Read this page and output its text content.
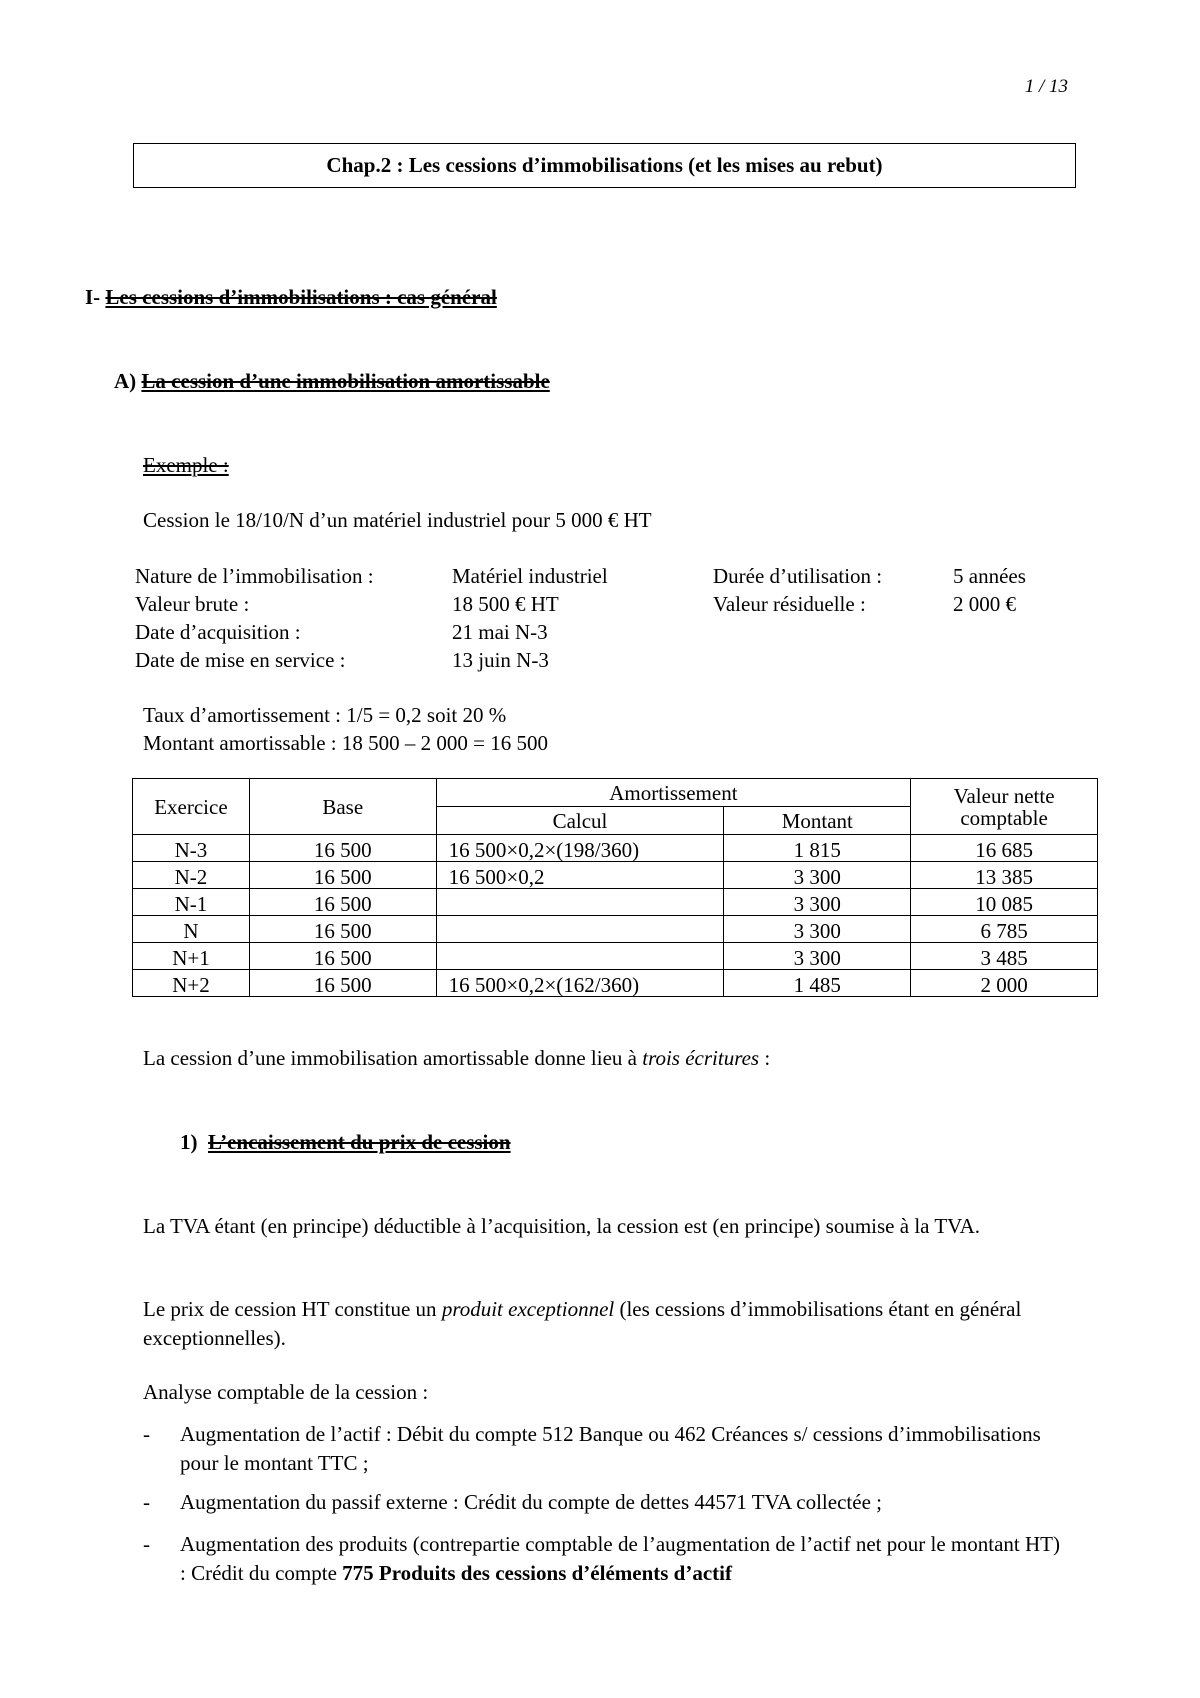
1 / 13
Chap.2 : Les cessions d’immobilisations (et les mises au rebut)
I- Les cessions d’immobilisations : cas général
A) La cession d’une immobilisation amortissable
Exemple :
Cession le 18/10/N d’un matériel industriel pour 5 000 € HT
Nature de l’immobilisation :	Matériel industriel	Durée d’utilisation :	5 années
Valeur brute :	18 500 € HT	Valeur résiduelle :	2 000 €
Date d’acquisition :	21 mai N-3
Date de mise en service :	13 juin N-3
Taux d’amortissement : 1/5 = 0,2 soit 20 %
Montant amortissable : 18 500 – 2 000 = 16 500
Exercice	Base	Amortissement		Valeur nette comptable
		Calcul	Montant	
N-3	16 500	16 500×0,2×(198/360)	1 815	16 685
N-2	16 500	16 500×0,2	3 300	13 385
N-1	16 500		3 300	10 085
N	16 500		3 300	6 785
N+1	16 500		3 300	3 485
N+2	16 500	16 500×0,2×(162/360)	1 485	2 000
La cession d’une immobilisation amortissable donne lieu à trois écritures :
1) L’encaissement du prix de cession
La TVA étant (en principe) déductible à l’acquisition, la cession est (en principe) soumise à la TVA.
Le prix de cession HT constitue un produit exceptionnel (les cessions d’immobilisations étant en général exceptionnelles).
Analyse comptable de la cession :
- Augmentation de l’actif : Débit du compte 512 Banque ou 462 Créances s/ cessions d’immobilisations pour le montant TTC ;
- Augmentation du passif externe : Crédit du compte de dettes 44571 TVA collectée ;
- Augmentation des produits (contrepartie comptable de l’augmentation de l’actif net pour le montant HT) : Crédit du compte 775 Produits des cessions d’éléments d’actif
